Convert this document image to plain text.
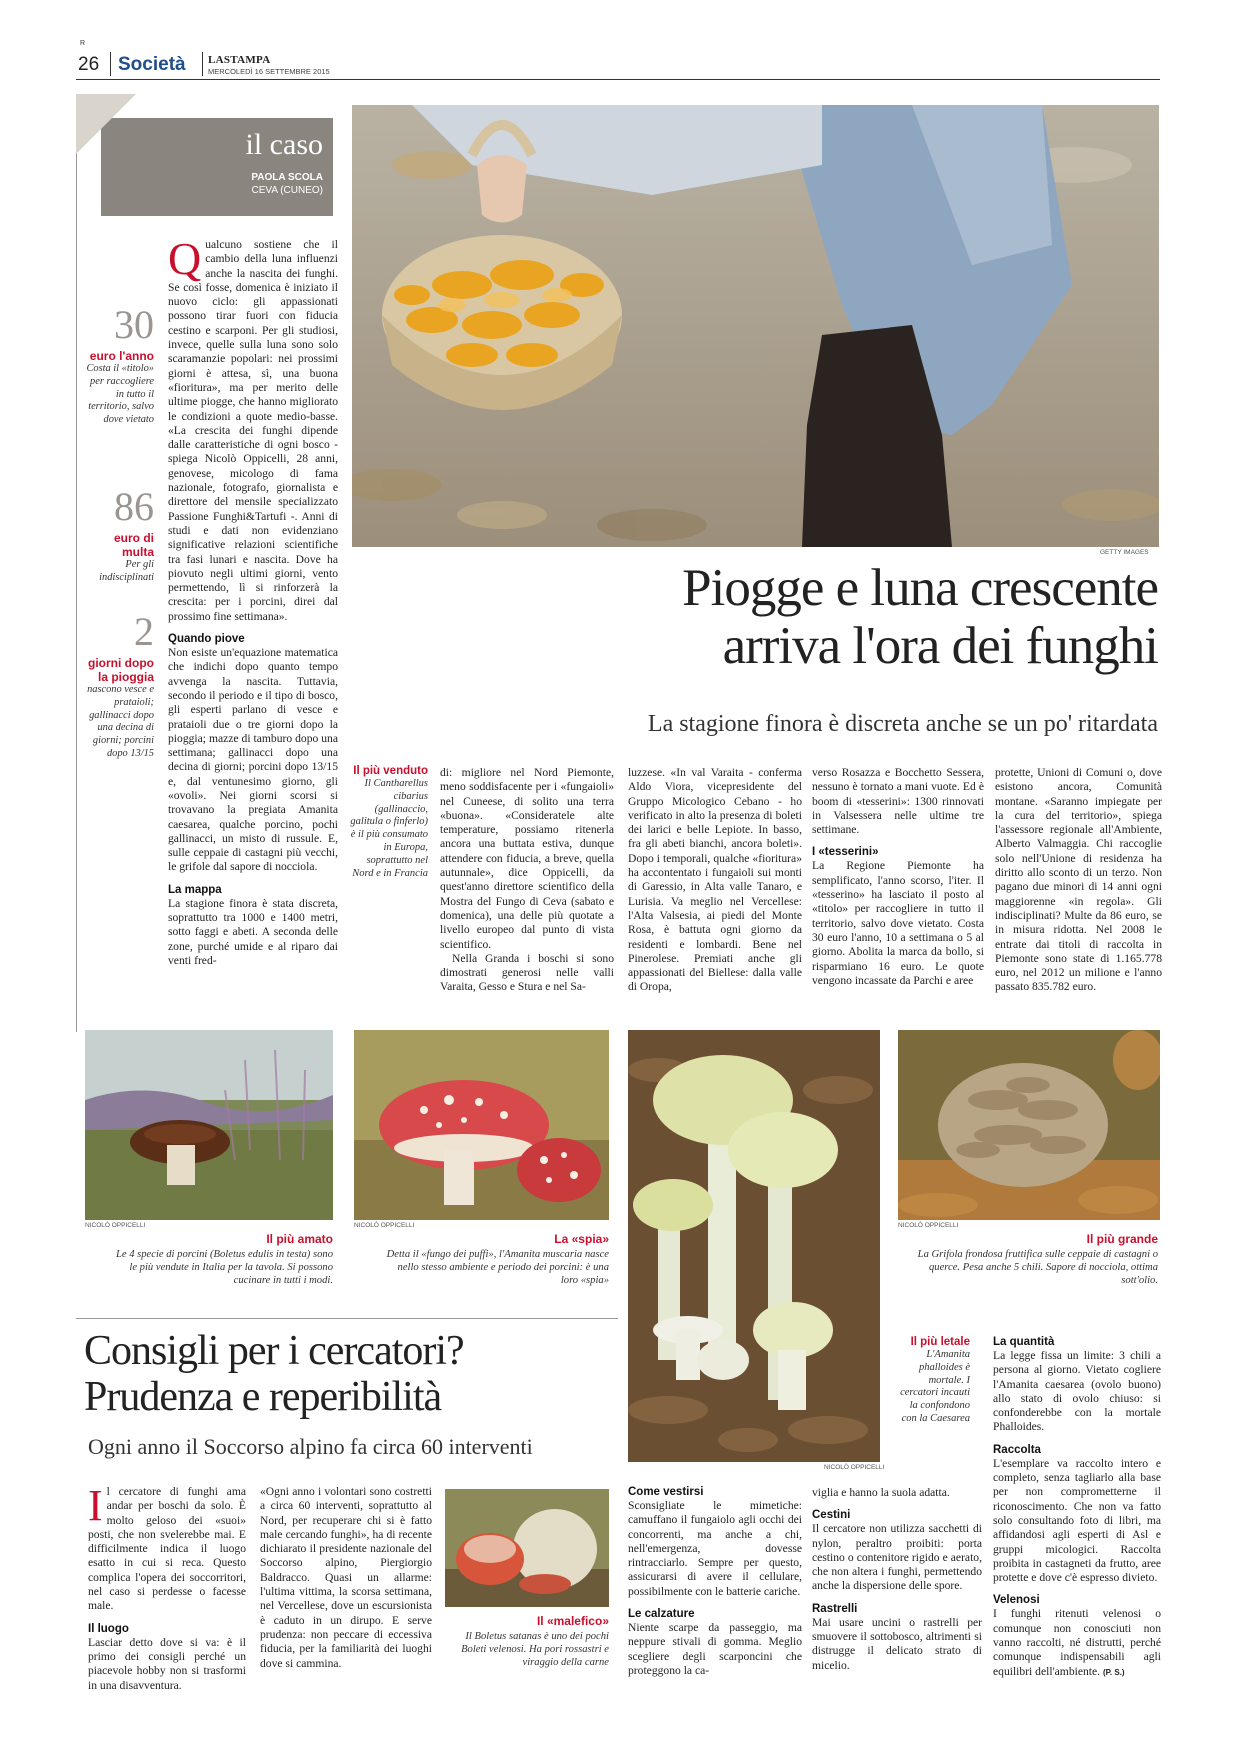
R
26 Società LASTAMPA
MERCOLEDÌ 16 SETTEMBRE 2015
il caso
PAOLA SCOLA
CEVA (CUNEO)
30
euro l'anno
Costa il «titolo» per raccogliere in tutto il territorio, salvo dove vietato
86
euro di multa
Per gli indisciplinati
2
giorni dopo la pioggia
nascono vesce e prataioli; gallinacci dopo una decina di giorni; porcini dopo 13/15
GETTY IMAGES
Piogge e luna crescente
arriva l'ora dei funghi
La stagione finora è discreta anche se un po' ritardata

Qualcuno sostiene che il cambio della luna influenzi anche la nascita dei funghi. Se così fosse, domenica è iniziato il nuovo ciclo: gli appassionati possono tirar fuori con fiducia cestino e scarponi. Per gli studiosi, invece, quelle sulla luna sono solo scaramanzie popolari: nei prossimi giorni è attesa, sì, una buona «fioritura», ma per merito delle ultime piogge, che hanno migliorato le condizioni a quote medio-basse. «La crescita dei funghi dipende dalle caratteristiche di ogni bosco - spiega Nicolò Oppicelli, 28 anni, genovese, micologo di fama nazionale, fotografo, giornalista e direttore del mensile specializzato Passione Funghi&Tartufi -. Anni di studi e dati non evidenziano significative relazioni scientifiche tra fasi lunari e nascita. Dove ha piovuto negli ultimi giorni, vento permettendo, lì si rinforzerà la crescita: per i porcini, direi dal prossimo fine settimana».

Quando piove

Non esiste un'equazione matematica che indichi dopo quanto tempo avvenga la nascita. Tuttavia, secondo il periodo e il tipo di bosco, gli esperti parlano di vesce e prataioli due o tre giorni dopo la pioggia; mazze di tamburo dopo una settimana; gallinacci dopo una decina di giorni; porcini dopo 13/15 e, dal ventunesimo giorno, gli «ovoli». Nei giorni scorsi si trovavano la pregiata Amanita caesarea, qualche porcino, pochi gallinacci, un misto di russule. E, sulle ceppaie di castagni più vecchi, le grifole dal sapore di nocciola.

La mappa

La stagione finora è stata discreta, soprattutto tra 1000 e 1400 metri, sotto faggi e abeti. A seconda delle zone, purché umide e al riparo dai venti fred-

Il più venduto
Il Cantharellus cibarius (gallinaccio, galitula o finferlo) è il più consumato in Europa, soprattutto nel Nord e in Francia

di: migliore nel Nord Piemonte, meno soddisfacente per i «fungaioli» nel Cuneese, di solito una terra «buona». «Consideratele alte temperature, possiamo ritenerla ancora una buttata estiva, dunque attendere con fiducia, a breve, quella autunnale», dice Oppicelli, da quest'anno direttore scientifico della Mostra del Fungo di Ceva (sabato e domenica), una delle più quotate a livello europeo dal punto di vista scientifico.

Nella Granda i boschi si sono dimostrati generosi nelle valli Varaita, Gesso e Stura e nel Sa-

luzzese. «In val Varaita - conferma Aldo Viora, vicepresidente del Gruppo Micologico Cebano - ho verificato in alto la presenza di boleti dei larici e belle Lepiote. In basso, fra gli abeti bianchi, ancora boleti». Dopo i temporali, qualche «fioritura» ha accontentato i fungaioli sui monti di Garessio, in Alta valle Tanaro, e Lurisia. Va meglio nel Vercellese: l'Alta Valsesia, ai piedi del Monte Rosa, è battuta ogni giorno da residenti e lombardi. Bene nel Pinerolese. Premiati anche gli appassionati del Biellese: dalla valle di Oropa,

verso Rosazza e Bocchetto Sessera, nessuno è tornato a mani vuote. Ed è boom di «tesserini»: 1300 rinnovati in Valsessera nelle ultime tre settimane.

I «tesserini»

La Regione Piemonte ha semplificato, l'anno scorso, l'iter. Il «tesserino» ha lasciato il posto al «titolo» per raccogliere in tutto il territorio, salvo dove vietato. Costa 30 euro l'anno, 10 a settimana o 5 al giorno. Abolita la marca da bollo, si risparmiano 16 euro. Le quote vengono incassate da Parchi e aree

protette, Unioni di Comuni o, dove esistono ancora, Comunità montane. «Saranno impiegate per la cura del territorio», spiega l'assessore regionale all'Ambiente, Alberto Valmaggia. Chi raccoglie solo nell'Unione di residenza ha diritto allo sconto di un terzo. Non pagano due minori di 14 anni ogni maggiorenne «in regola». Gli indisciplinati? Multe da 86 euro, se in misura ridotta. Nel 2008 le entrate dai titoli di raccolta in Piemonte sono state di 1.165.778 euro, nel 2012 un milione e l'anno passato 835.782 euro.

NICOLÒ OPPICELLI
Il più amato
Le 4 specie di porcini (Boletus edulis in testa) sono le più vendute in Italia per la tavola. Si possono cucinare in tutti i modi.
NICOLÒ OPPICELLI
La «spia»
Detta il «fungo dei puffi», l'Amanita muscaria nasce nello stesso ambiente e periodo dei porcini: è una loro «spia»
NICOLÒ OPPICELLI
NICOLÒ OPPICELLI
Il più grande
La Grifola frondosa fruttifica sulle ceppaie di castagni o querce. Pesa anche 5 chili. Sapore di nocciola, ottima sott'olio.
Consigli per i cercatori?
Prudenza e reperibilità
Ogni anno il Soccorso alpino fa circa 60 interventi
Il più letale
L'Amanita phalloides è mortale. I cercatori incauti la confondono con la Caesarea

Il cercatore di funghi ama andar per boschi da solo. È molto geloso dei «suoi» posti, che non svelerebbe mai. E difficilmente indica il luogo esatto in cui si reca. Questo complica l'opera dei soccorritori, nel caso si perdesse o facesse male.

Il luogo

Lasciar detto dove si va: è il primo dei consigli perché un piacevole hobby non si trasformi in una disavventura.

«Ogni anno i volontari sono costretti a circa 60 interventi, soprattutto al Nord, per recuperare chi si è fatto male cercando funghi», ha di recente dichiarato il presidente nazionale del Soccorso alpino, Piergiorgio Baldracco. Quasi un allarme: l'ultima vittima, la scorsa settimana, nel Vercellese, dove un escursionista è caduto in un dirupo. E serve prudenza: non peccare di eccessiva fiducia, per la familiarità dei luoghi dove si cammina.

Il «malefico»
Il Boletus satanas è uno dei pochi Boleti velenosi. Ha pori rossastri e viraggio della carne
Come vestirsi

Sconsigliate le mimetiche: camuffano il fungaiolo agli occhi dei concorrenti, ma anche a chi, nell'emergenza, dovesse rintracciarlo. Sempre per questo, assicurarsi di avere il cellulare, possibilmente con le batterie cariche.

Le calzature

Niente scarpe da passeggio, ma neppure stivali di gomma. Meglio scegliere degli scarponcini che proteggono la ca-

viglia e hanno la suola adatta.

Cestini

Il cercatore non utilizza sacchetti di nylon, peraltro proibiti: porta cestino o contenitore rigido e aerato, che non altera i funghi, permettendo anche la dispersione delle spore.

Rastrelli

Mai usare uncini o rastrelli per smuovere il sottobosco, altrimenti si distrugge il delicato strato di micelio.

La quantità

La legge fissa un limite: 3 chili a persona al giorno. Vietato cogliere l'Amanita caesarea (ovolo buono) allo stato di ovolo chiuso: si confonderebbe con la mortale Phalloides.

Raccolta

L'esemplare va raccolto intero e completo, senza tagliarlo alla base per non comprometterne il riconoscimento. Che non va fatto solo consultando foto di libri, ma affidandosi agli esperti di Asl e gruppi micologici. Raccolta proibita in castagneti da frutto, aree protette e dove c'è espresso divieto.

Velenosi

I funghi ritenuti velenosi o comunque non conosciuti non vanno raccolti, né distrutti, perché comunque indispensabili agli equilibri dell'ambiente. (P. S.)
